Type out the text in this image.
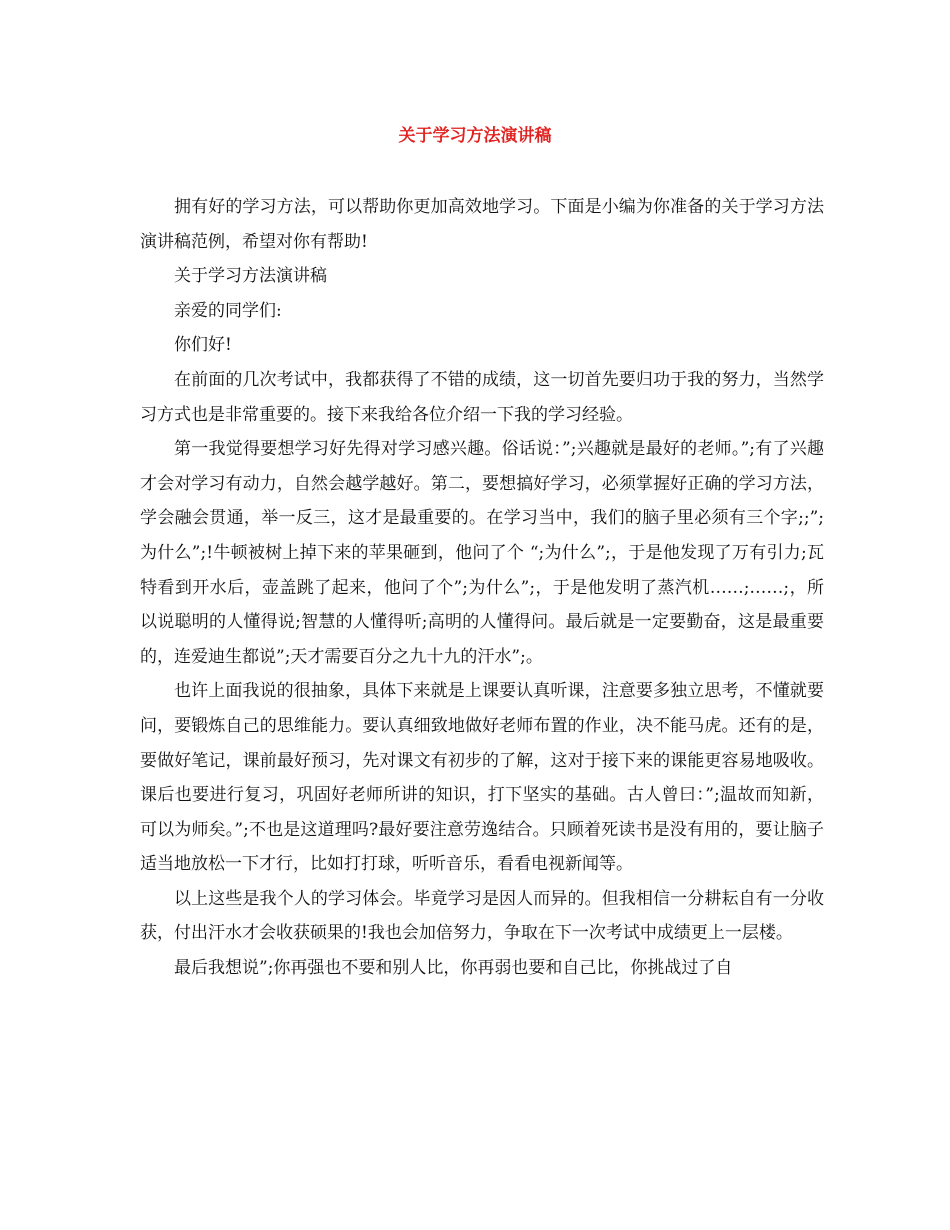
关于学习方法演讲稿

拥有好的学习方法，可以帮助你更加高效地学习。下面是小编为你准备的关于学习方法演讲稿范例，希望对你有帮助!

关于学习方法演讲稿

亲爱的同学们:

你们好!

在前面的几次考试中，我都获得了不错的成绩，这一切首先要归功于我的努力，当然学习方式也是非常重要的。接下来我给各位介绍一下我的学习经验。

第一我觉得要想学习好先得对学习感兴趣。俗话说：”;兴趣就是最好的老师。”;有了兴趣才会对学习有动力，自然会越学越好。第二，要想搞好学习，必须掌握好正确的学习方法，学会融会贯通，举一反三，这才是最重要的。在学习当中，我们的脑子里必须有三个字;;”;为什么”;!牛顿被树上掉下来的苹果砸到，他问了个 “;为什么”;，于是他发现了万有引力;瓦特看到开水后，壶盖跳了起来，他问了个”;为什么”;，于是他发明了蒸汽机……;……;，所以说聪明的人懂得说;智慧的人懂得听;高明的人懂得问。最后就是一定要勤奋，这是最重要的，连爱迪生都说”;天才需要百分之九十九的汗水”;。

也许上面我说的很抽象，具体下来就是上课要认真听课，注意要多独立思考，不懂就要问，要锻炼自己的思维能力。要认真细致地做好老师布置的作业，决不能马虎。还有的是，要做好笔记，课前最好预习，先对课文有初步的了解，这对于接下来的课能更容易地吸收。课后也要进行复习，巩固好老师所讲的知识，打下坚实的基础。古人曾曰：”;温故而知新，可以为师矣。”;不也是这道理吗?最好要注意劳逸结合。只顾着死读书是没有用的，要让脑子适当地放松一下才行，比如打打球，听听音乐，看看电视新闻等。

以上这些是我个人的学习体会。毕竟学习是因人而异的。但我相信一分耕耘自有一分收获，付出汗水才会收获硕果的!我也会加倍努力，争取在下一次考试中成绩更上一层楼。

最后我想说”;你再强也不要和别人比，你再弱也要和自己比，你挑战过了自
